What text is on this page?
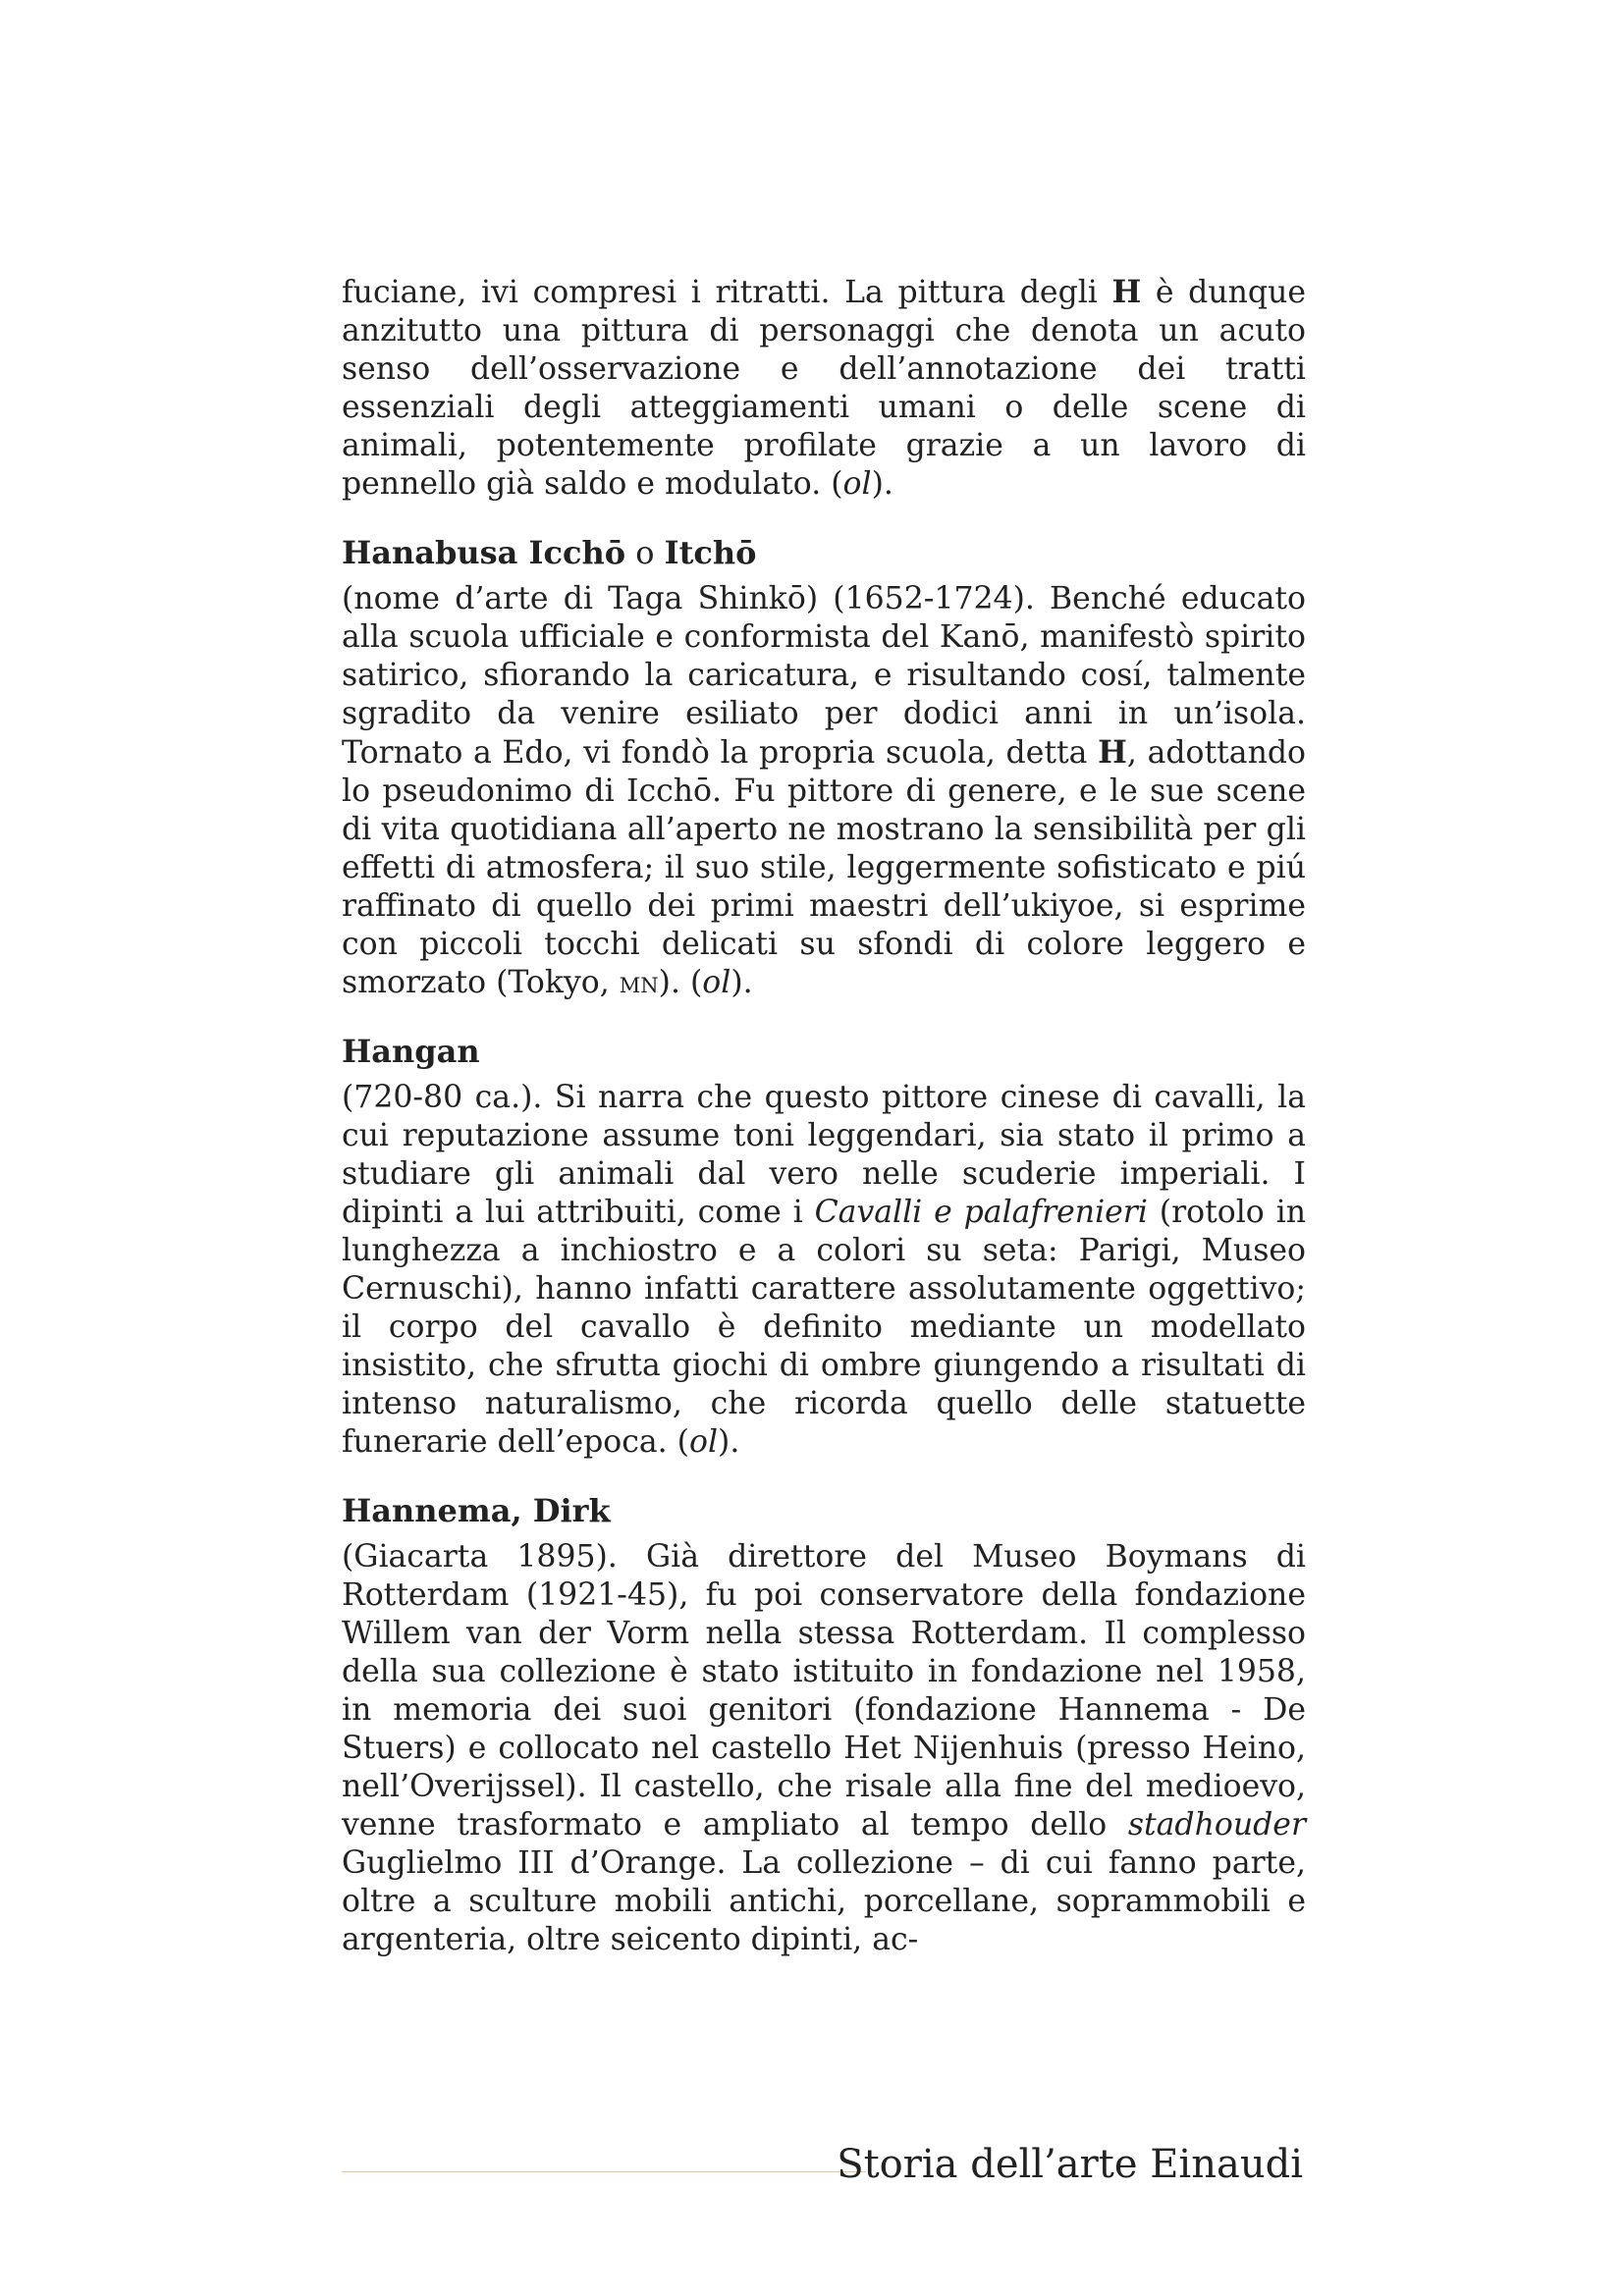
fuciane, ivi compresi i ritratti. La pittura degli H è dunque anzitutto una pittura di personaggi che denota un acuto senso dell’osservazione e dell’annotazione dei tratti essenziali degli atteggiamenti umani o delle scene di animali, potentemente profilate grazie a un lavoro di pennello già saldo e modulato. (ol).

Hanabusa Icchō o Itchō

(nome d’arte di Taga Shinkō) (1652-1724). Benché educato alla scuola ufficiale e conformista del Kanō, manifestò spirito satirico, sfiorando la caricatura, e risultando cosí, talmente sgradito da venire esiliato per dodici anni in un’isola. Tornato a Edo, vi fondò la propria scuola, detta H, adottando lo pseudonimo di Icchō. Fu pittore di genere, e le sue scene di vita quotidiana all’aperto ne mostrano la sensibilità per gli effetti di atmosfera; il suo stile, leggermente sofisticato e piú raffinato di quello dei primi maestri dell’ukiyoe, si esprime con piccoli tocchi delicati su sfondi di colore leggero e smorzato (Tokyo, mn). (ol).

Hangan

(720-80 ca.). Si narra che questo pittore cinese di cavalli, la cui reputazione assume toni leggendari, sia stato il primo a studiare gli animali dal vero nelle scuderie imperiali. I dipinti a lui attribuiti, come i Cavalli e palafrenieri (rotolo in lunghezza a inchiostro e a colori su seta: Parigi, Museo Cernuschi), hanno infatti carattere assolutamente oggettivo; il corpo del cavallo è definito mediante un modellato insistito, che sfrutta giochi di ombre giungendo a risultati di intenso naturalismo, che ricorda quello delle statuette funerarie dell’epoca. (ol).

Hannema, Dirk

(Giacarta 1895). Già direttore del Museo Boymans di Rotterdam (1921-45), fu poi conservatore della fondazione Willem van der Vorm nella stessa Rotterdam. Il complesso della sua collezione è stato istituito in fondazione nel 1958, in memoria dei suoi genitori (fondazione Hannema - De Stuers) e collocato nel castello Het Nijenhuis (presso Heino, nell’Overijssel). Il castello, che risale alla fine del medioevo, venne trasformato e ampliato al tempo dello stadhouder Guglielmo III d’Orange. La collezione – di cui fanno parte, oltre a sculture mobili antichi, porcellane, soprammobili e argenteria, oltre seicento dipinti, ac-

Storia dell’arte Einaudi
